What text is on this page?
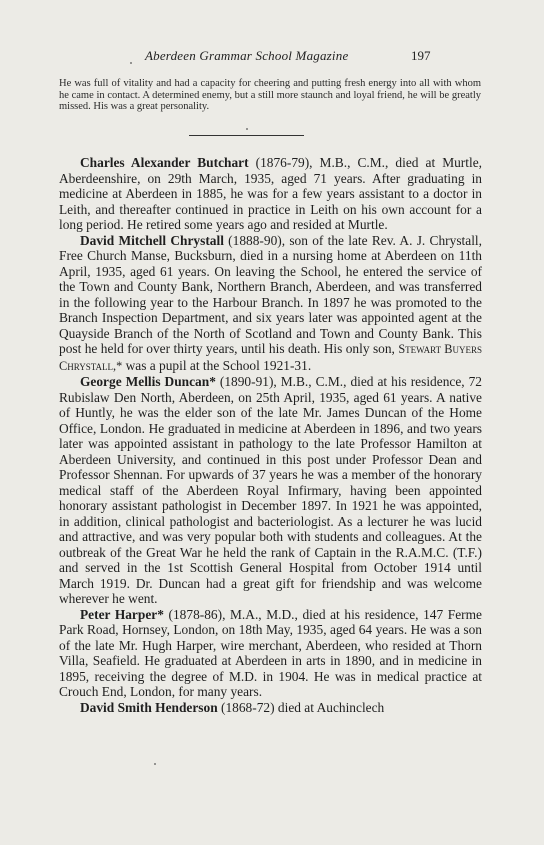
Aberdeen Grammar School Magazine	197

He was full of vitality and had a capacity for cheering and putting fresh energy into all with whom he came in contact. A determined enemy, but a still more staunch and loyal friend, he will be greatly missed. His was a great personality.

Charles Alexander Butchart (1876-79), M.B., C.M., died at Murtle, Aberdeenshire, on 29th March, 1935, aged 71 years. After graduating in medicine at Aberdeen in 1885, he was for a few years assistant to a doctor in Leith, and thereafter continued in practice in Leith on his own account for a long period. He retired some years ago and resided at Murtle.

David Mitchell Chrystall (1888-90), son of the late Rev. A. J. Chrystall, Free Church Manse, Bucksburn, died in a nursing home at Aberdeen on 11th April, 1935, aged 61 years. On leaving the School, he entered the service of the Town and County Bank, Northern Branch, Aberdeen, and was transferred in the following year to the Harbour Branch. In 1897 he was promoted to the Branch Inspection Department, and six years later was appointed agent at the Quayside Branch of the North of Scotland and Town and County Bank. This post he held for over thirty years, until his death. His only son, Stewart Buyers Chrystall,* was a pupil at the School 1921-31.

George Mellis Duncan* (1890-91), M.B., C.M., died at his residence, 72 Rubislaw Den North, Aberdeen, on 25th April, 1935, aged 61 years. A native of Huntly, he was the elder son of the late Mr. James Duncan of the Home Office, London. He graduated in medicine at Aberdeen in 1896, and two years later was appointed assistant in pathology to the late Professor Hamilton at Aberdeen University, and continued in this post under Professor Dean and Professor Shennan. For upwards of 37 years he was a member of the honorary medical staff of the Aberdeen Royal Infirmary, having been appointed honorary assistant pathologist in December 1897. In 1921 he was appointed, in addition, clinical pathologist and bacteriologist. As a lecturer he was lucid and attractive, and was very popular both with students and colleagues. At the outbreak of the Great War he held the rank of Captain in the R.A.M.C. (T.F.) and served in the 1st Scottish General Hospital from October 1914 until March 1919. Dr. Duncan had a great gift for friendship and was welcome wherever he went.

Peter Harper* (1878-86), M.A., M.D., died at his residence, 147 Ferme Park Road, Hornsey, London, on 18th May, 1935, aged 64 years. He was a son of the late Mr. Hugh Harper, wire merchant, Aberdeen, who resided at Thorn Villa, Seafield. He graduated at Aberdeen in arts in 1890, and in medicine in 1895, receiving the degree of M.D. in 1904. He was in medical practice at Crouch End, London, for many years.

David Smith Henderson (1868-72) died at Auchinclech
